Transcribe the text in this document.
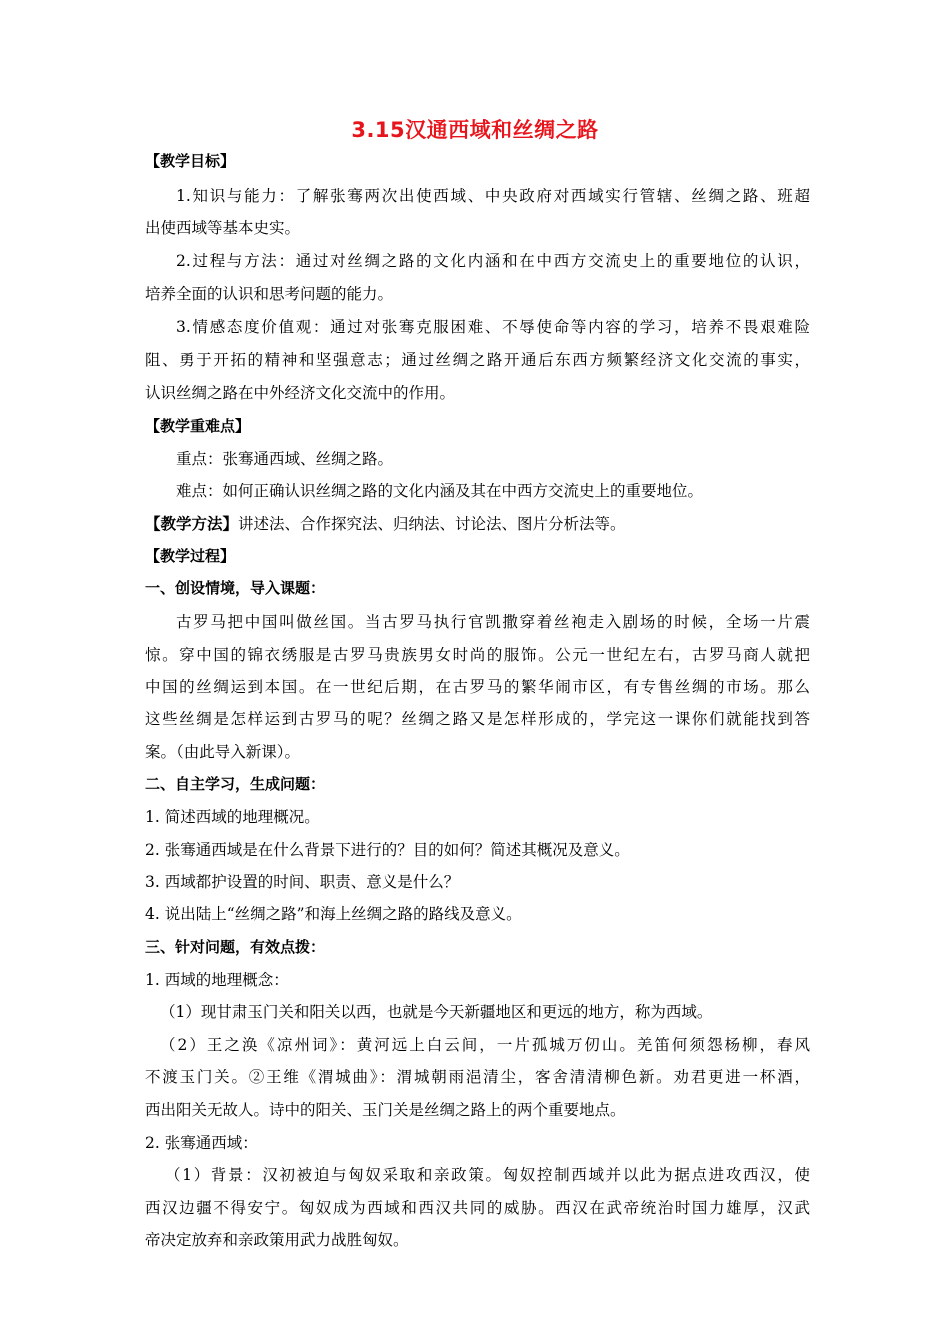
3.15汉通西域和丝绸之路
【教学目标】
1.知识与能力：了解张骞两次出使西域、中央政府对西域实行管辖、丝绸之路、班超
出使西域等基本史实。
2.过程与方法：通过对丝绸之路的文化内涵和在中西方交流史上的重要地位的认识，
培养全面的认识和思考问题的能力。
3.情感态度价值观：通过对张骞克服困难、不辱使命等内容的学习，培养不畏艰难险
阻、勇于开拓的精神和坚强意志；通过丝绸之路开通后东西方频繁经济文化交流的事实，
认识丝绸之路在中外经济文化交流中的作用。
【教学重难点】
重点：张骞通西域、丝绸之路。
难点：如何正确认识丝绸之路的文化内涵及其在中西方交流史上的重要地位。
【教学方法】讲述法、合作探究法、归纳法、讨论法、图片分析法等。
【教学过程】
一、创设情境，导入课题：
古罗马把中国叫做丝国。当古罗马执行官凯撒穿着丝袍走入剧场的时候，全场一片震
惊。穿中国的锦衣绣服是古罗马贵族男女时尚的服饰。公元一世纪左右，古罗马商人就把
中国的丝绸运到本国。在一世纪后期，在古罗马的繁华闹市区，有专售丝绸的市场。那么
这些丝绸是怎样运到古罗马的呢？丝绸之路又是怎样形成的，学完这一课你们就能找到答
案。（由此导入新课）。
二、自主学习，生成问题：
1. 简述西域的地理概况。
2. 张骞通西域是在什么背景下进行的？目的如何？简述其概况及意义。
3. 西域都护设置的时间、职责、意义是什么？
4. 说出陆上“丝绸之路”和海上丝绸之路的路线及意义。
三、针对问题，有效点拨：
1. 西域的地理概念：
（1）现甘肃玉门关和阳关以西，也就是今天新疆地区和更远的地方，称为西域。
（2）王之涣《凉州词》：黄河远上白云间，一片孤城万仞山。羌笛何须怨杨柳，春风
不渡玉门关。②王维《渭城曲》：渭城朝雨浥清尘，客舍清清柳色新。劝君更进一杯酒，
西出阳关无故人。诗中的阳关、玉门关是丝绸之路上的两个重要地点。
2. 张骞通西域：
（1）背景：汉初被迫与匈奴采取和亲政策。匈奴控制西域并以此为据点进攻西汉，使
西汉边疆不得安宁。匈奴成为西域和西汉共同的威胁。西汉在武帝统治时国力雄厚，汉武
帝决定放弃和亲政策用武力战胜匈奴。
